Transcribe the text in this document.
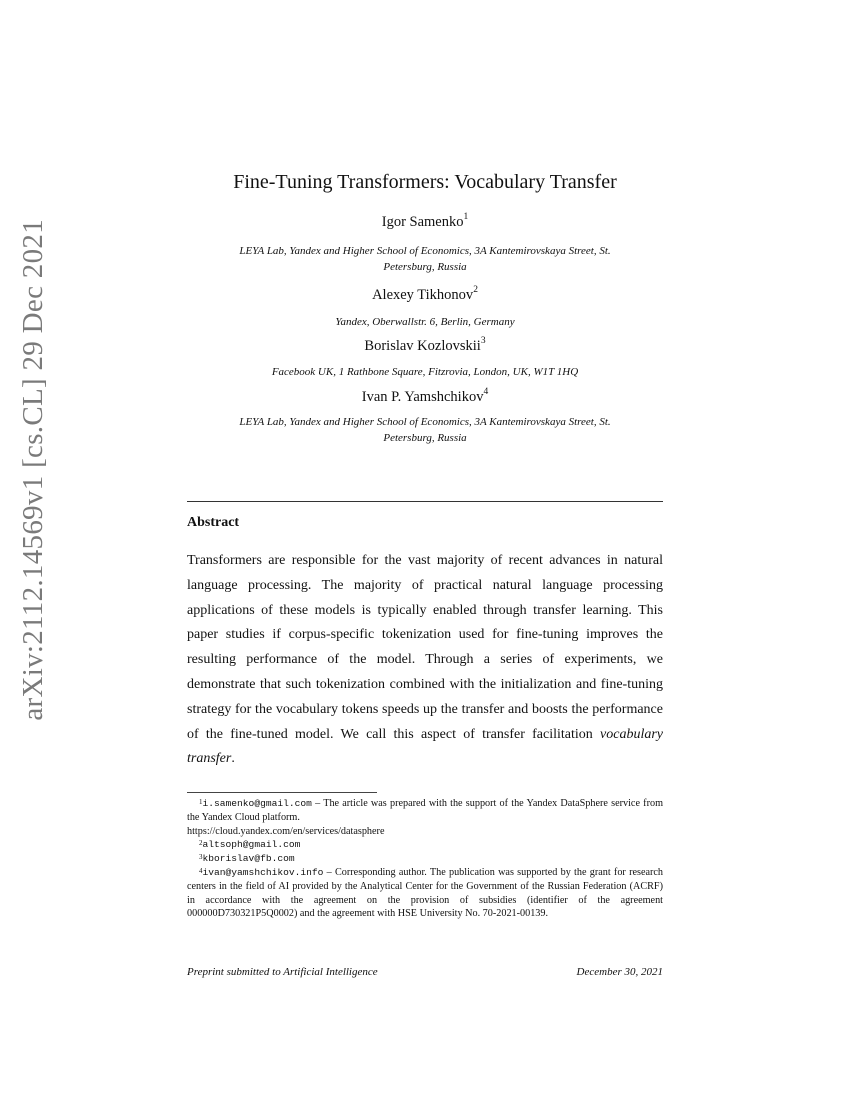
arXiv:2112.14569v1 [cs.CL] 29 Dec 2021
Fine-Tuning Transformers: Vocabulary Transfer
Igor Samenko$^1$
LEYA Lab, Yandex and Higher School of Economics, 3A Kantemirovskaya Street, St.
Petersburg, Russia
Alexey Tikhonov$^2$
Yandex, Oberwallstr. 6, Berlin, Germany
Borislav Kozlovskii$^3$
Facebook UK, 1 Rathbone Square, Fitzrovia, London, UK, W1T 1HQ
Ivan P. Yamshchikov$^4$
LEYA Lab, Yandex and Higher School of Economics, 3A Kantemirovskaya Street, St.
Petersburg, Russia
Abstract
Transformers are responsible for the vast majority of recent advances in natural language processing. The majority of practical natural language processing applications of these models is typically enabled through transfer learning. This paper studies if corpus-specific tokenization used for fine-tuning improves the resulting performance of the model. Through a series of experiments, we demonstrate that such tokenization combined with the initialization and fine-tuning strategy for the vocabulary tokens speeds up the transfer and boosts the performance of the fine-tuned model. We call this aspect of transfer facilitation vocabulary transfer.

$^1$i.samenko@gmail.com – The article was prepared with the support of the Yandex DataSphere service from the Yandex Cloud platform.
https://cloud.yandex.com/en/services/datasphere

$^2$altsoph@gmail.com

$^3$kborislav@fb.com

$^4$ivan@yamshchikov.info – Corresponding author. The publication was supported by the grant for research centers in the field of AI provided by the Analytical Center for the Government of the Russian Federation (ACRF) in accordance with the agreement on the provision of subsidies (identifier of the agreement 000000D730321P5Q0002) and the agreement with HSE University No. 70-2021-00139.

Preprint submitted to Artificial Intelligence	December 30, 2021
